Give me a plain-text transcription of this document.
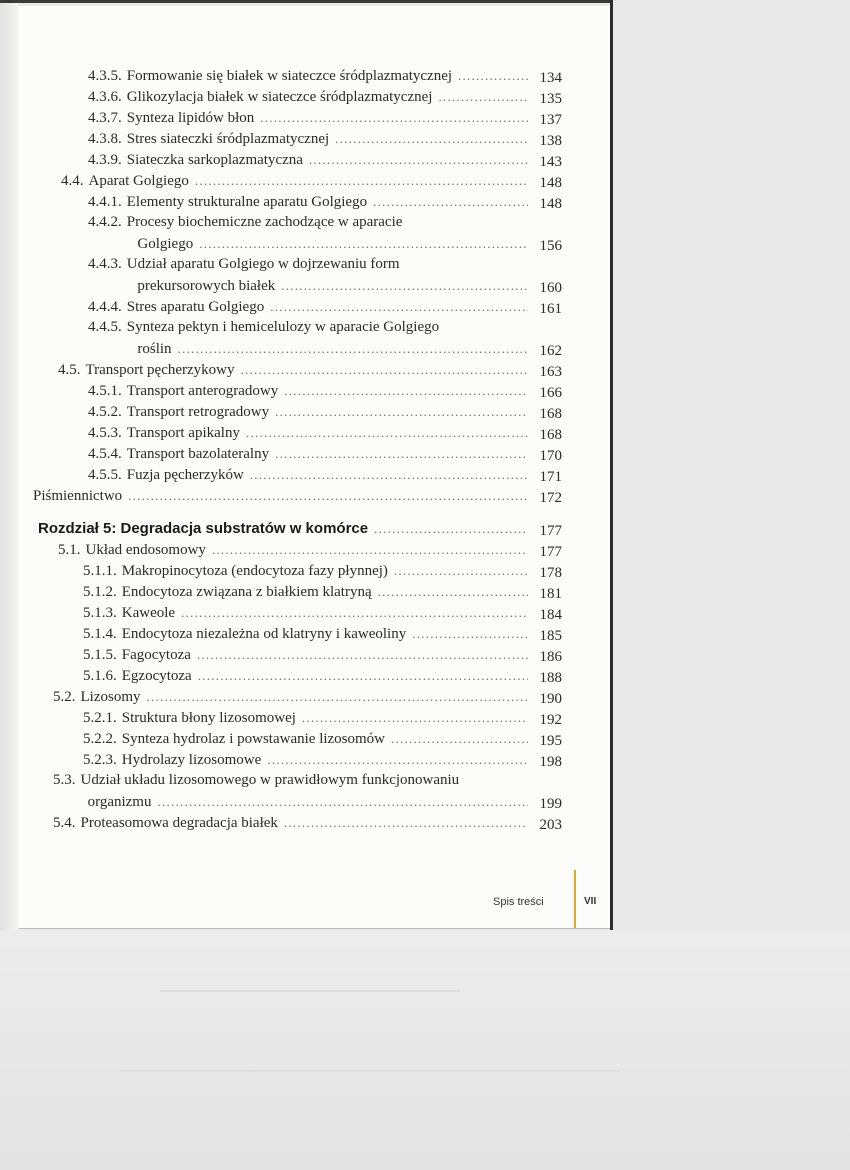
4.3.5. Formowanie się białek w siateczce śródplazmatycznej . . .	134
4.3.6. Glikozylacja białek w siateczce śródplazmatycznej . . .	135
4.3.7. Synteza lipidów błon . . .	137
4.3.8. Stres siateczki śródplazmatycznej . . .	138
4.3.9. Siateczka sarkoplazmatyczna . . .	143
4.4. Aparat Golgiego . . .	148
4.4.1. Elementy strukturalne aparatu Golgiego . . .	148
4.4.2. Procesy biochemiczne zachodzące w aparacie
Golgiego . . .	156
4.4.3. Udział aparatu Golgiego w dojrzewaniu form
prekursorowych białek . . .	160
4.4.4. Stres aparatu Golgiego . . .	161
4.4.5. Synteza pektyn i hemicelulozy w aparacie Golgiego
roślin . . .	162
4.5. Transport pęcherzykowy . . .	163
4.5.1. Transport anterogradowy . . .	166
4.5.2. Transport retrogradowy . . .	168
4.5.3. Transport apikalny . . .	168
4.5.4. Transport bazolateralny . . .	170
4.5.5. Fuzja pęcherzyków . . .	171
Piśmiennictwo . . .	172
Rozdział 5: Degradacja substratów w komórce . . .	177
5.1. Układ endosomowy . . .	177
5.1.1. Makropinocytoza (endocytoza fazy płynnej) . . .	178
5.1.2. Endocytoza związana z białkiem klatryną . . .	181
5.1.3. Kaweole . . .	184
5.1.4. Endocytoza niezależna od klatryny i kaweoliny . . .	185
5.1.5. Fagocytoza . . .	186
5.1.6. Egzocytoza . . .	188
5.2. Lizosomy . . .	190
5.2.1. Struktura błony lizosomowej . . .	192
5.2.2. Synteza hydrolaz i powstawanie lizosomów . . .	195
5.2.3. Hydrolazy lizosomowe . . .	198
5.3. Udział układu lizosomowego w prawidłowym funkcjonowaniu
organizmu . . .	199
5.4. Proteasomowa degradacja białek . . .	203
Spis treści	VII
